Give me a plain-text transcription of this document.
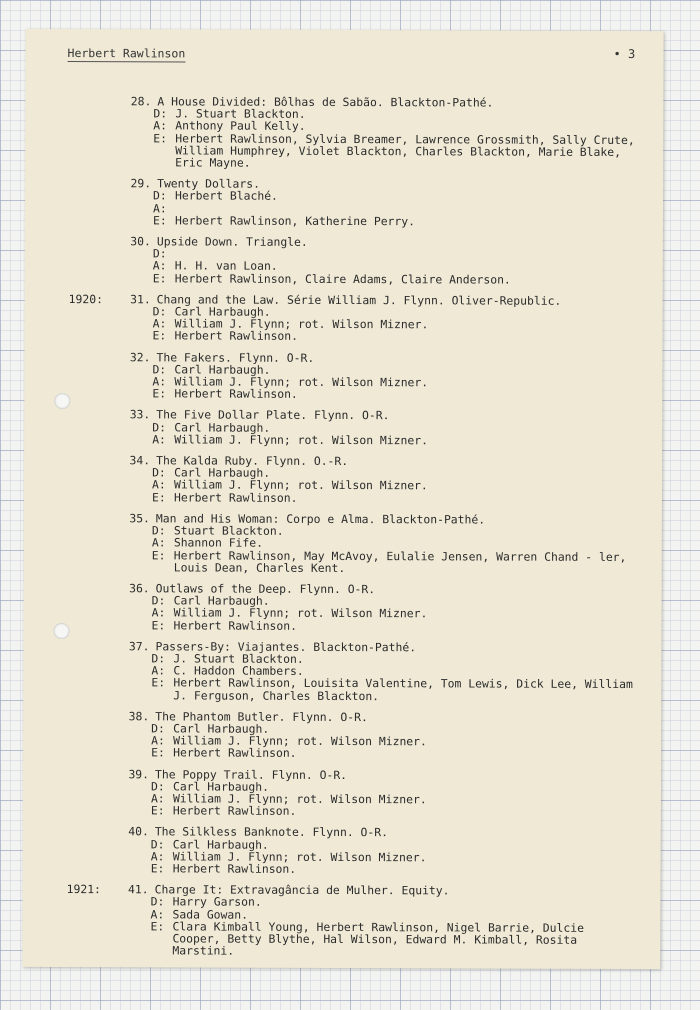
Herbert Rawlinson	• 3
28. A House Divided: Bôlhas de Sabão. Blackton-Pathé.
D: J. Stuart Blackton.
A: Anthony Paul Kelly.
E: Herbert Rawlinson, Sylvia Breamer, Lawrence Grossmith, Sally Crute, William Humphrey, Violet Blackton, Charles Blackton, Marie Blake, Eric Mayne.
29. Twenty Dollars.
D: Herbert Blaché.
A:
E: Herbert Rawlinson, Katherine Perry.
30. Upside Down. Triangle.
D:
A: H. H. van Loan.
E: Herbert Rawlinson, Claire Adams, Claire Anderson.
1920:	31. Chang and the Law. Série William J. Flynn. Oliver-Republic.
D: Carl Harbaugh.
A: William J. Flynn; rot. Wilson Mizner.
E: Herbert Rawlinson.
32. The Fakers. Flynn. O-R.
D: Carl Harbaugh.
A: William J. Flynn; rot. Wilson Mizner.
E: Herbert Rawlinson.
33. The Five Dollar Plate. Flynn. O-R.
D: Carl Harbaugh.
A: William J. Flynn; rot. Wilson Mizner.
34. The Kalda Ruby. Flynn. O.-R.
D: Carl Harbaugh.
A: William J. Flynn; rot. Wilson Mizner.
E: Herbert Rawlinson.
35. Man and His Woman: Corpo e Alma. Blackton-Pathé.
D: Stuart Blackton.
A: Shannon Fife.
E: Herbert Rawlinson, May McAvoy, Eulalie Jensen, Warren Chand - ler, Louis Dean, Charles Kent.
36. Outlaws of the Deep. Flynn. O-R.
D: Carl Harbaugh.
A: William J. Flynn; rot. Wilson Mizner.
E: Herbert Rawlinson.
37. Passers-By: Viajantes. Blackton-Pathé.
D: J. Stuart Blackton.
A: C. Haddon Chambers.
E: Herbert Rawlinson, Louisita Valentine, Tom Lewis, Dick Lee, William J. Ferguson, Charles Blackton.
38. The Phantom Butler. Flynn. O-R.
D: Carl Harbaugh.
A: William J. Flynn; rot. Wilson Mizner.
E: Herbert Rawlinson.
39. The Poppy Trail. Flynn. O-R.
D: Carl Harbaugh.
A: William J. Flynn; rot. Wilson Mizner.
E: Herbert Rawlinson.
40. The Silkless Banknote. Flynn. O-R.
D: Carl Harbaugh.
A: William J. Flynn; rot. Wilson Mizner.
E: Herbert Rawlinson.
1921:	41. Charge It: Extravagância de Mulher. Equity.
D: Harry Garson.
A: Sada Gowan.
E: Clara Kimball Young, Herbert Rawlinson, Nigel Barrie, Dulcie Cooper, Betty Blythe, Hal Wilson, Edward M. Kimball, Rosita Marstini.
